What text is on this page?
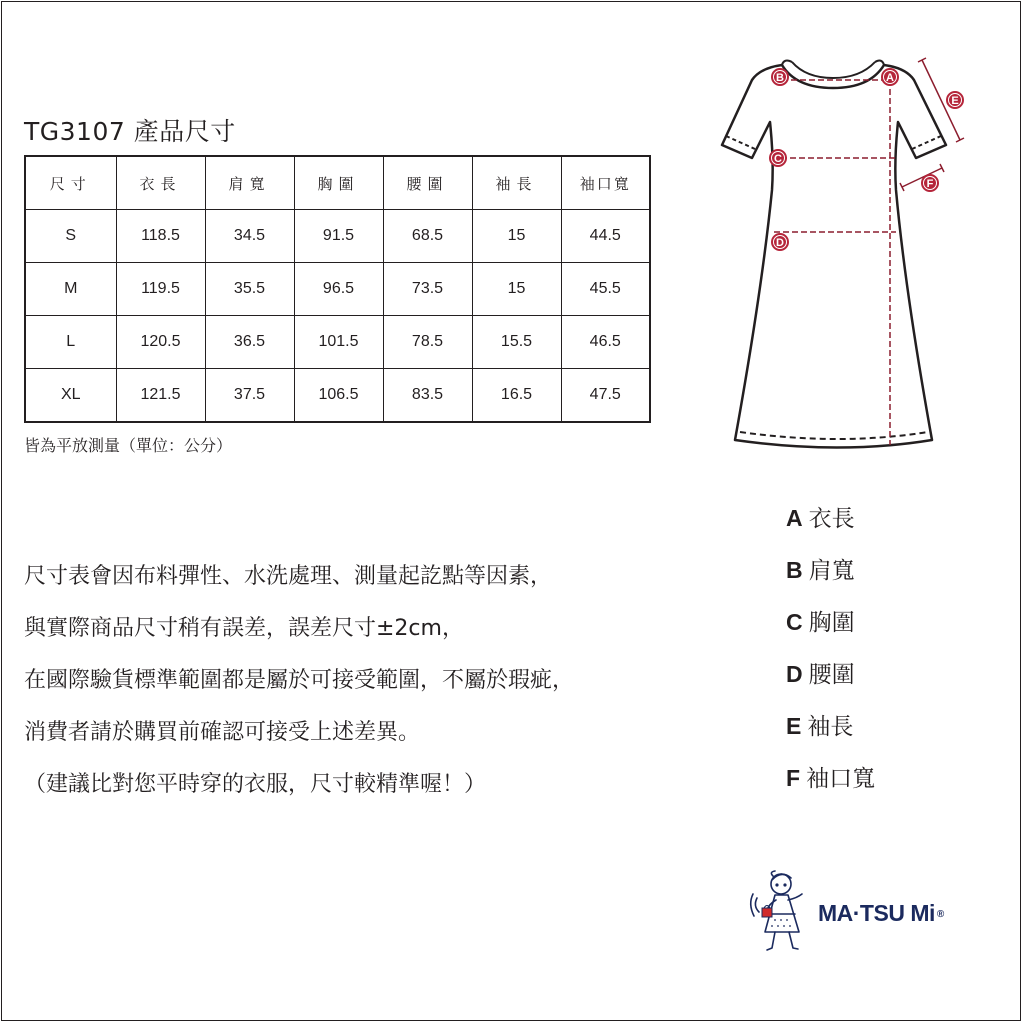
TG3107 產品尺寸
尺寸	衣長	肩寬	胸圍	腰圍	袖長	袖口寬
S	118.5	34.5	91.5	68.5	15	44.5
M	119.5	35.5	96.5	73.5	15	45.5
L	120.5	36.5	101.5	78.5	15.5	46.5
XL	121.5	37.5	106.5	83.5	16.5	47.5
皆為平放測量（單位：公分）
尺寸表會因布料彈性、水洗處理、測量起訖點等因素，
與實際商品尺寸稍有誤差，誤差尺寸±2cm，
在國際驗貨標準範圍都是屬於可接受範圍，不屬於瑕疵，
消費者請於購買前確認可接受上述差異。
（建議比對您平時穿的衣服，尺寸較精準喔！）
A
B
C
D
E
F
A 衣長
B 肩寬
C 胸圍
D 腰圍
E 袖長
F 袖口寬
MA·TSU Mi ®
